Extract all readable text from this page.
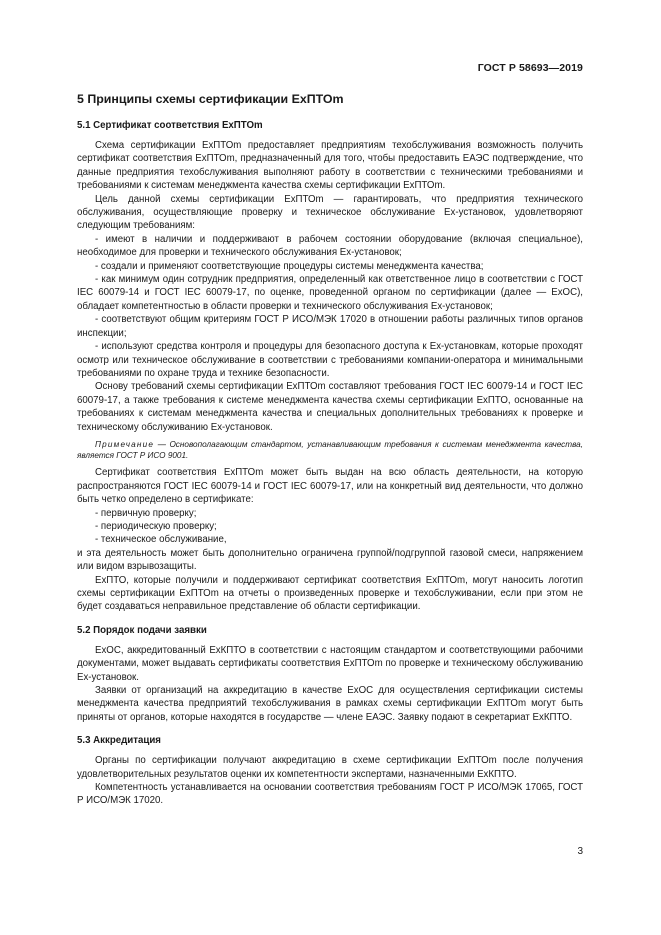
ГОСТ Р 58693—2019
5 Принципы схемы сертификации ExПТОm
5.1 Сертификат соответствия ExПТОm

Схема сертификации ExПТОm предоставляет предприятиям техобслуживания возможность получить сертификат соответствия ExПТОm, предназначенный для того, чтобы предоставить ЕАЭС подтверждение, что данные предприятия техобслуживания выполняют работу в соответствии с техническими требованиями и требованиями к системам менеджмента качества схемы сертификации ExПТОm.

Цель данной схемы сертификации ExПТОm — гарантировать, что предприятия технического обслуживания, осуществляющие проверку и техническое обслуживание Ex-установок, удовлетворяют следующим требованиям:

- имеют в наличии и поддерживают в рабочем состоянии оборудование (включая специальное), необходимое для проверки и технического обслуживания Ex-установок;

- создали и применяют соответствующие процедуры системы менеджмента качества;

- как минимум один сотрудник предприятия, определенный как ответственное лицо в соответствии с ГОСТ IEC 60079-14 и ГОСТ IEC 60079-17, по оценке, проведенной органом по сертификации (далее — ExOC), обладает компетентностью в области проверки и технического обслуживания Ex-установок;

- соответствуют общим критериям ГОСТ Р ИСО/МЭК 17020 в отношении работы различных типов органов инспекции;

- используют средства контроля и процедуры для безопасного доступа к Ex-установкам, которые проходят осмотр или техническое обслуживание в соответствии с требованиями компании-оператора и минимальными требованиями по охране труда и технике безопасности.

Основу требований схемы сертификации ExПТОm составляют требования ГОСТ IEC 60079-14 и ГОСТ IEC 60079-17, а также требования к системе менеджмента качества схемы сертификации ExПТО, основанные на требованиях к системам менеджмента качества и специальных дополнительных требованиях к проверке и техническому обслуживанию Ex-установок.

Примечание — Основополагающим стандартом, устанавливающим требования к системам менеджмента качества, является ГОСТ Р ИСО 9001.

Сертификат соответствия ExПТОm может быть выдан на всю область деятельности, на которую распространяются ГОСТ IEC 60079-14 и ГОСТ IEC 60079-17, или на конкретный вид деятельности, что должно быть четко определено в сертификате:

- первичную проверку;

- периодическую проверку;

- техническое обслуживание,

и эта деятельность может быть дополнительно ограничена группой/подгруппой газовой смеси, напряжением или видом взрывозащиты.

ExПТО, которые получили и поддерживают сертификат соответствия ExПТОm, могут наносить логотип схемы сертификации ExПТОm на отчеты о произведенных проверке и техобслуживании, если при этом не будет создаваться неправильное представление об области сертификации.

5.2 Порядок подачи заявки

ExOC, аккредитованный ExКПТО в соответствии с настоящим стандартом и соответствующими рабочими документами, может выдавать сертификаты соответствия ExПТОm по проверке и техническому обслуживанию Ex-установок.

Заявки от организаций на аккредитацию в качестве ExOC для осуществления сертификации системы менеджмента качества предприятий техобслуживания в рамках схемы сертификации ExПТОm могут быть приняты от органов, которые находятся в государстве — члене ЕАЭС. Заявку подают в секретариат ExКПТО.

5.3 Аккредитация

Органы по сертификации получают аккредитацию в схеме сертификации ExПТОm после получения удовлетворительных результатов оценки их компетентности экспертами, назначенными ExКПТО.

Компетентность устанавливается на основании соответствия требованиям ГОСТ Р ИСО/МЭК 17065, ГОСТ Р ИСО/МЭК 17020.

3
